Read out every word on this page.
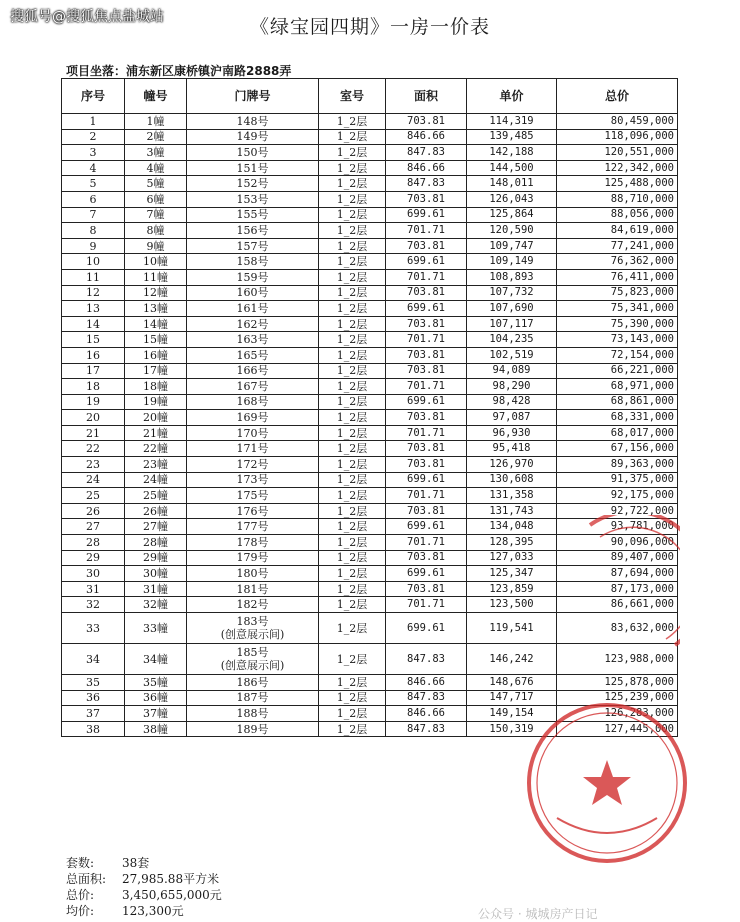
搜狐号@搜狐焦点盐城站	《绿宝园四期》一房一价表
项目坐落：浦东新区康桥镇沪南路2888弄
序号	幢号	门牌号	室号	面积	单价	总价
1	1幢	148号	1_2层	703.81	114,319	80,459,000
2	2幢	149号	1_2层	846.66	139,485	118,096,000
3	3幢	150号	1_2层	847.83	142,188	120,551,000
4	4幢	151号	1_2层	846.66	144,500	122,342,000
5	5幢	152号	1_2层	847.83	148,011	125,488,000
6	6幢	153号	1_2层	703.81	126,043	88,710,000
7	7幢	155号	1_2层	699.61	125,864	88,056,000
8	8幢	156号	1_2层	701.71	120,590	84,619,000
9	9幢	157号	1_2层	703.81	109,747	77,241,000
10	10幢	158号	1_2层	699.61	109,149	76,362,000
11	11幢	159号	1_2层	701.71	108,893	76,411,000
12	12幢	160号	1_2层	703.81	107,732	75,823,000
13	13幢	161号	1_2层	699.61	107,690	75,341,000
14	14幢	162号	1_2层	703.81	107,117	75,390,000
15	15幢	163号	1_2层	701.71	104,235	73,143,000
16	16幢	165号	1_2层	703.81	102,519	72,154,000
17	17幢	166号	1_2层	703.81	94,089	66,221,000
18	18幢	167号	1_2层	701.71	98,290	68,971,000
19	19幢	168号	1_2层	699.61	98,428	68,861,000
20	20幢	169号	1_2层	703.81	97,087	68,331,000
21	21幢	170号	1_2层	701.71	96,930	68,017,000
22	22幢	171号	1_2层	703.81	95,418	67,156,000
23	23幢	172号	1_2层	703.81	126,970	89,363,000
24	24幢	173号	1_2层	699.61	130,608	91,375,000
25	25幢	175号	1_2层	701.71	131,358	92,175,000
26	26幢	176号	1_2层	703.81	131,743	92,722,000
27	27幢	177号	1_2层	699.61	134,048	93,781,000
28	28幢	178号	1_2层	701.71	128,395	90,096,000
29	29幢	179号	1_2层	703.81	127,033	89,407,000
30	30幢	180号	1_2层	699.61	125,347	87,694,000
31	31幢	181号	1_2层	703.81	123,859	87,173,000
32	32幢	182号	1_2层	701.71	123,500	86,661,000
33	33幢	183号
(创意展示间)	1_2层	699.61	119,541	83,632,000
34	34幢	185号
(创意展示间)	1_2层	847.83	146,242	123,988,000
35	35幢	186号	1_2层	846.66	148,676	125,878,000
36	36幢	187号	1_2层	847.83	147,717	125,239,000
37	37幢	188号	1_2层	846.66	149,154	126,283,000
38	38幢	189号	1_2层	847.83	150,319	127,445,000
套数: 38套
总面积: 27,985.88平方米
总价: 3,450,655,000元
均价: 123,300元	公众号 · 城城房产日记
